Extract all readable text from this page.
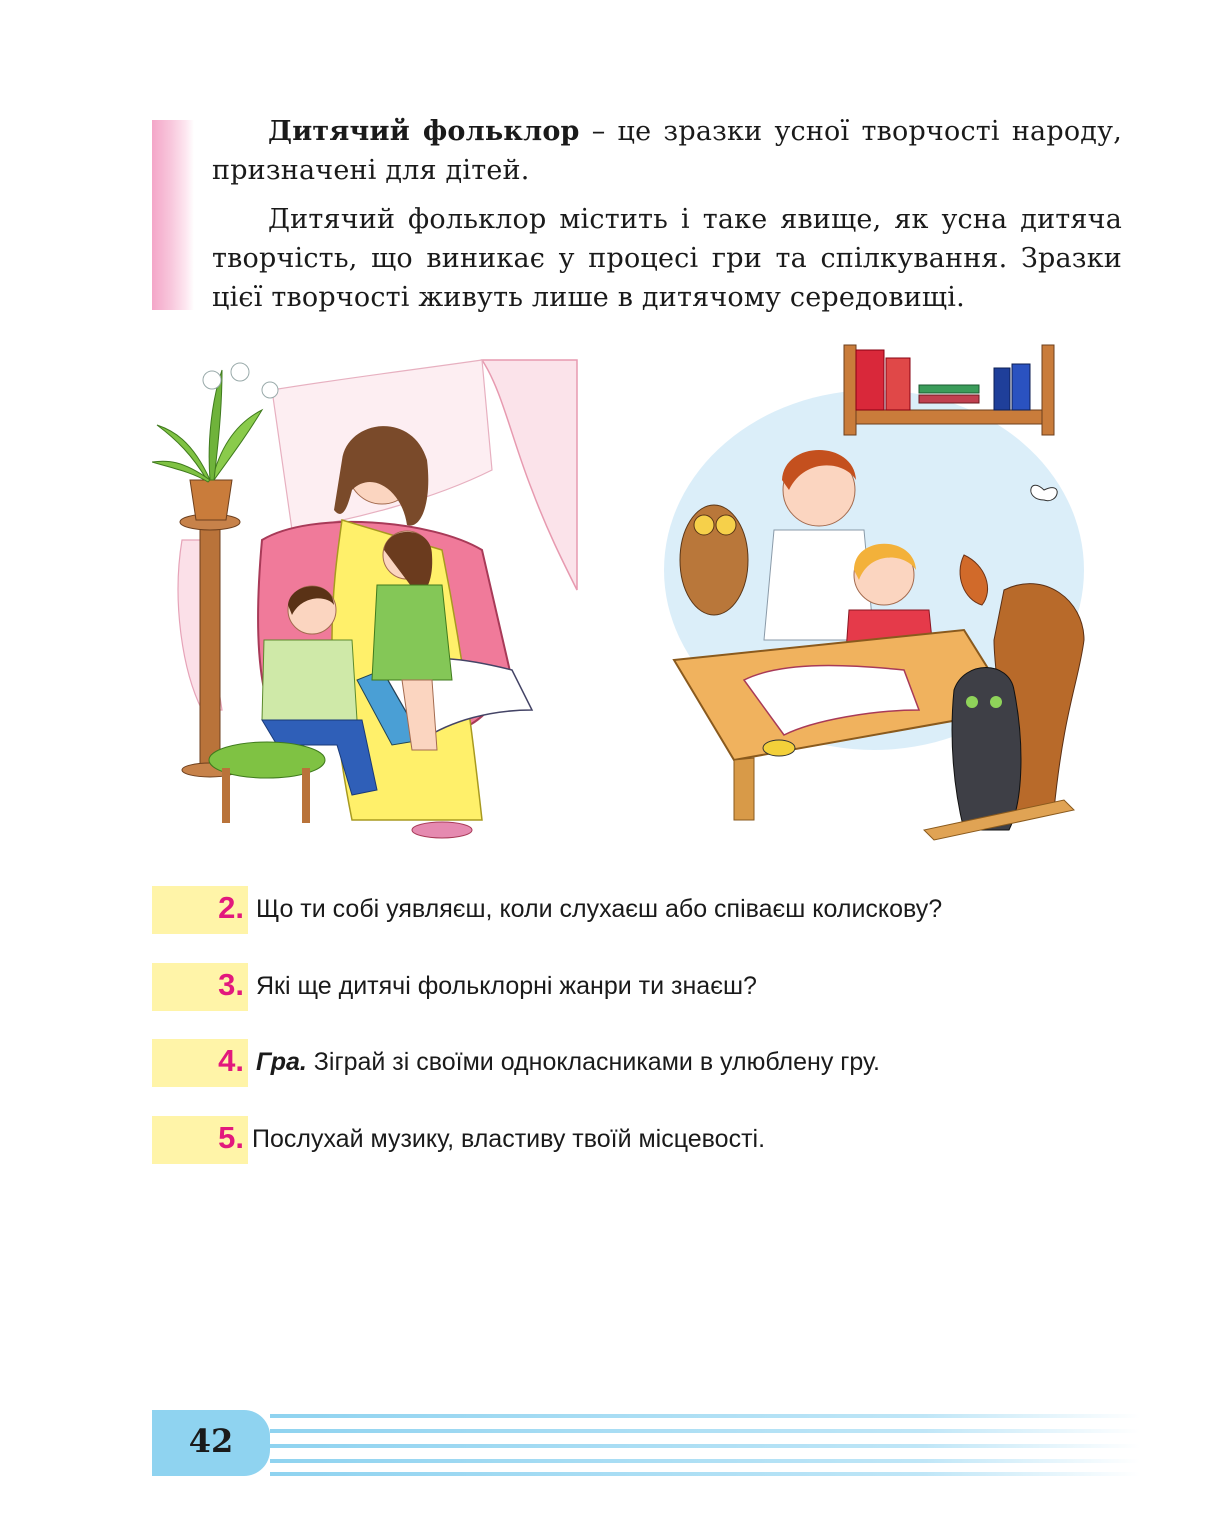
Дитячий фольклор – це зразки усної творчості народу, призначені для дітей.

Дитячий фольклор містить і таке явище, як усна дитяча творчість, що виникає у процесі гри та спілкування. Зразки цієї творчості живуть лише в дитячому середовищі.

2. Що ти собі уявляєш, коли слухаєш або співаєш колискову?
3. Які ще дитячі фольклорні жанри ти знаєш?
4. Гра. Зіграй зі своїми однокласниками в улюблену гру.
5. Послухай музику, властиву твоїй місцевості.
42
